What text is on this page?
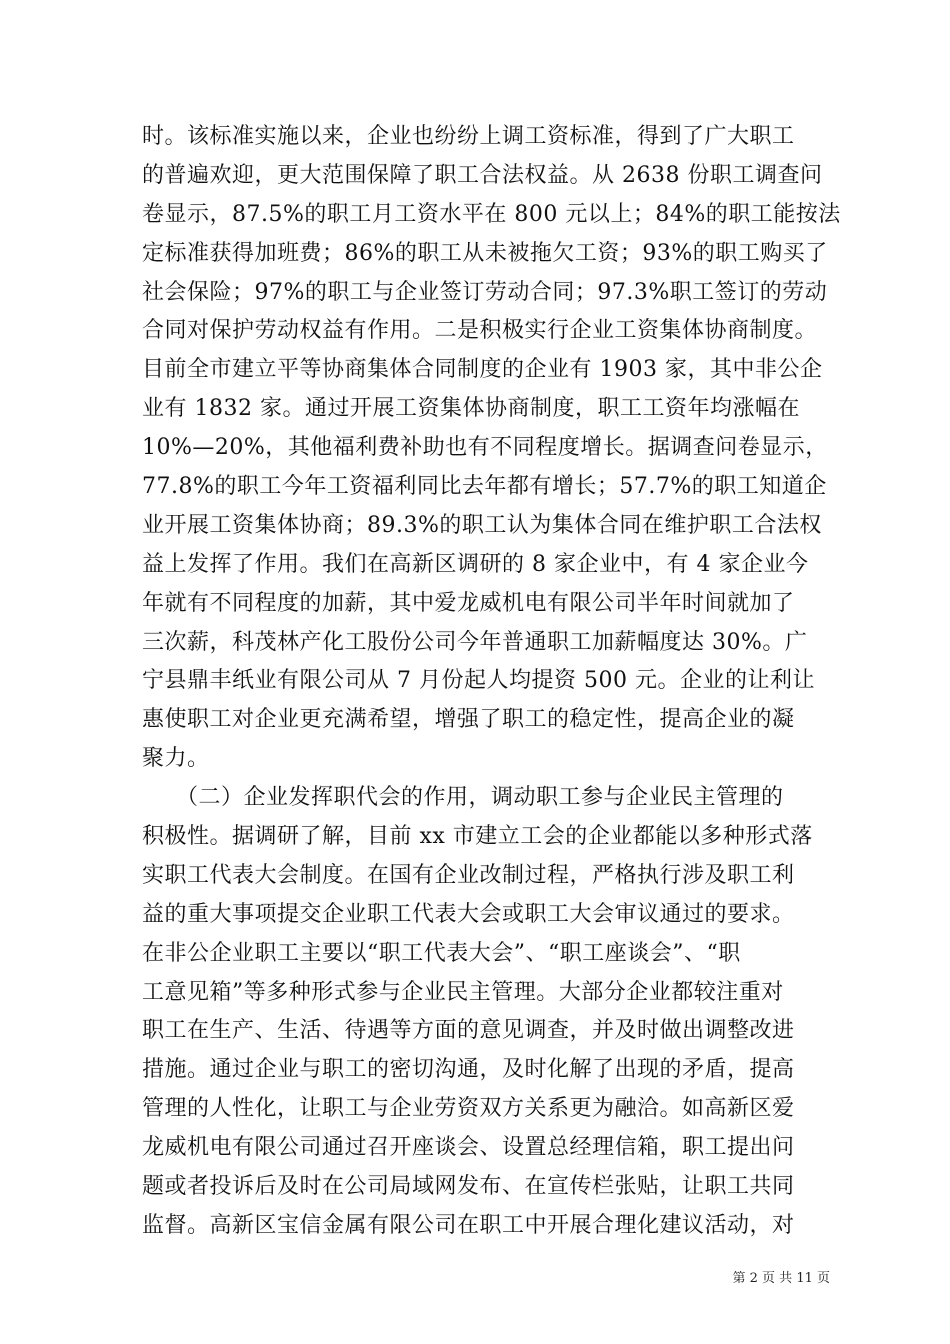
时。该标准实施以来，企业也纷纷上调工资标准，得到了广大职工
的普遍欢迎，更大范围保障了职工合法权益。从 2638 份职工调查问
卷显示，87.5%的职工月工资水平在 800 元以上；84%的职工能按法
定标准获得加班费；86%的职工从未被拖欠工资；93%的职工购买了
社会保险；97%的职工与企业签订劳动合同；97.3%职工签订的劳动
合同对保护劳动权益有作用。二是积极实行企业工资集体协商制度。
目前全市建立平等协商集体合同制度的企业有 1903 家，其中非公企
业有 1832 家。通过开展工资集体协商制度，职工工资年均涨幅在
10%—20%，其他福利费补助也有不同程度增长。据调查问卷显示，
77.8%的职工今年工资福利同比去年都有增长；57.7%的职工知道企
业开展工资集体协商；89.3%的职工认为集体合同在维护职工合法权
益上发挥了作用。我们在高新区调研的 8 家企业中，有 4 家企业今
年就有不同程度的加薪，其中爱龙威机电有限公司半年时间就加了
三次薪，科茂林产化工股份公司今年普通职工加薪幅度达 30%。广
宁县鼎丰纸业有限公司从 7 月份起人均提资 500 元。企业的让利让
惠使职工对企业更充满希望，增强了职工的稳定性，提高企业的凝
聚力。
　　（二）企业发挥职代会的作用，调动职工参与企业民主管理的
积极性。据调研了解，目前 xx 市建立工会的企业都能以多种形式落
实职工代表大会制度。在国有企业改制过程，严格执行涉及职工利
益的重大事项提交企业职工代表大会或职工大会审议通过的要求。
在非公企业职工主要以“职工代表大会”、“职工座谈会”、“职
工意见箱”等多种形式参与企业民主管理。大部分企业都较注重对
职工在生产、生活、待遇等方面的意见调查，并及时做出调整改进
措施。通过企业与职工的密切沟通，及时化解了出现的矛盾，提高
管理的人性化，让职工与企业劳资双方关系更为融洽。如高新区爱
龙威机电有限公司通过召开座谈会、设置总经理信箱，职工提出问
题或者投诉后及时在公司局域网发布、在宣传栏张贴，让职工共同
监督。高新区宝信金属有限公司在职工中开展合理化建议活动，对
第 2 页 共 11 页
